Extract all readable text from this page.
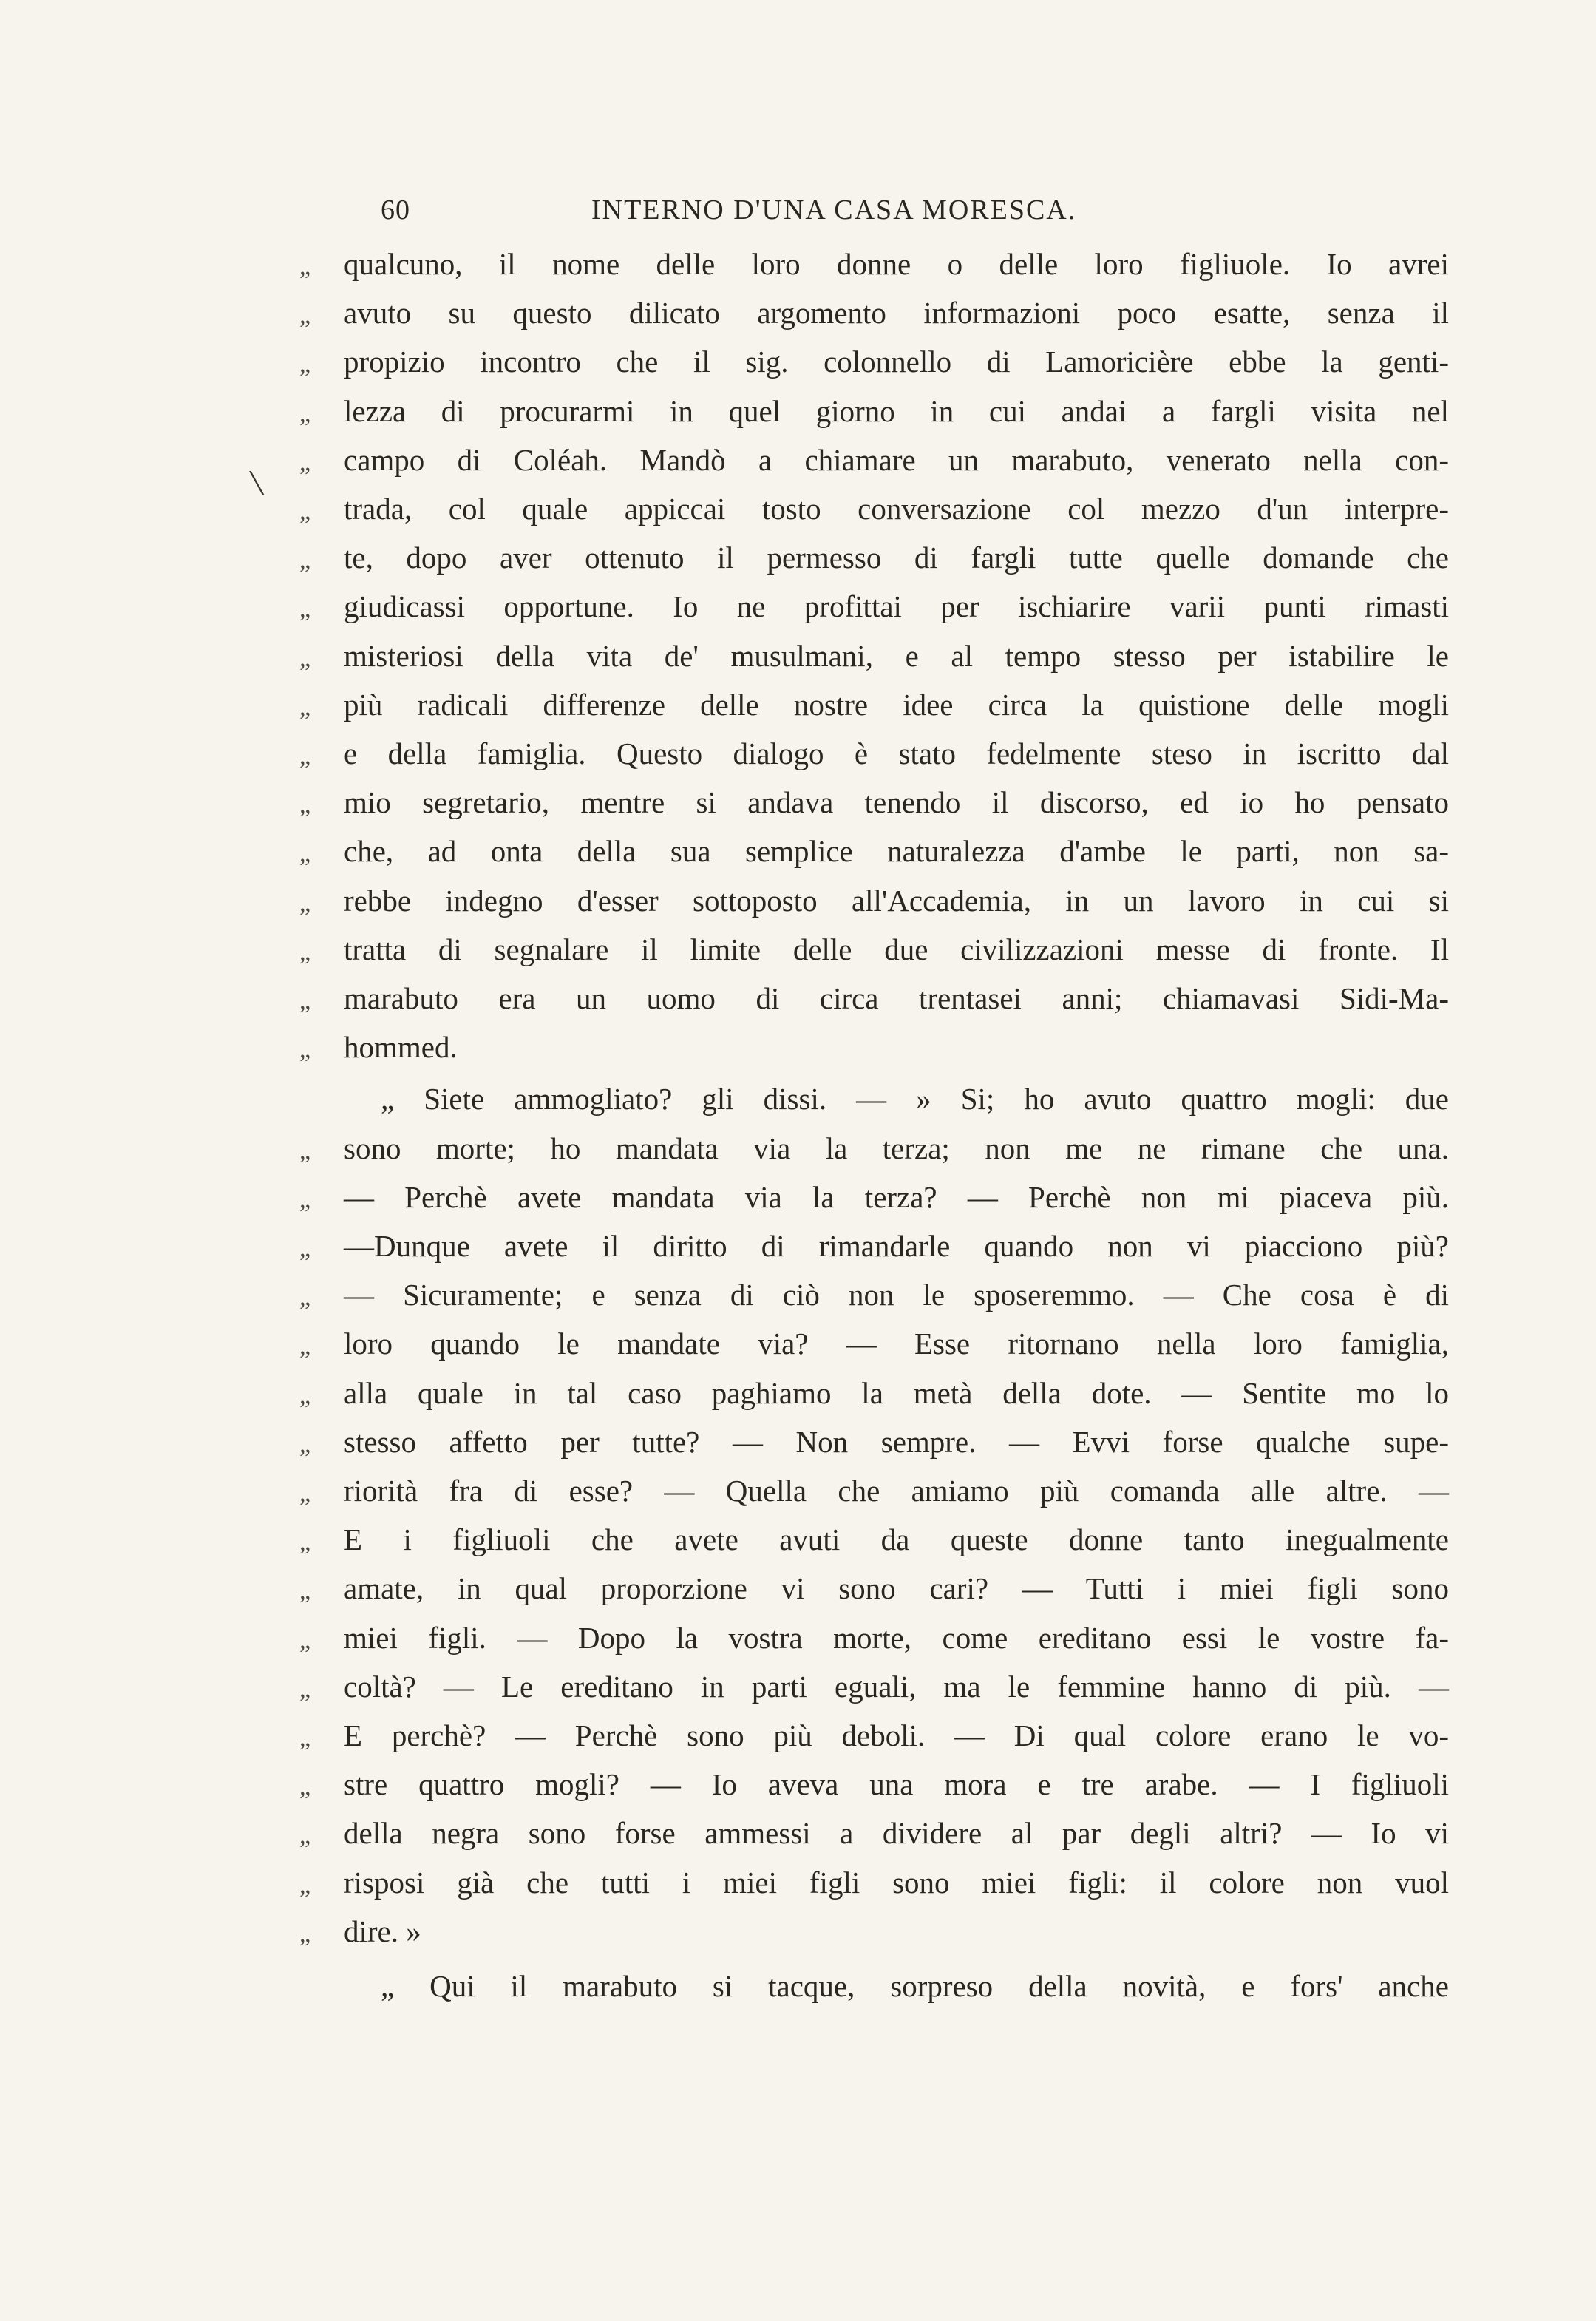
60	INTERNO D'UNA CASA MORESCA.
\
„ qualcuno, il nome delle loro donne o delle loro figliuole. Io avrei
„ avuto su questo dilicato argomento informazioni poco esatte, senza il
„ propizio incontro che il sig. colonnello di Lamoricière ebbe la genti-
„ lezza di procurarmi in quel giorno in cui andai a fargli visita nel
„ campo di Coléah. Mandò a chiamare un marabuto, venerato nella con-
„ trada, col quale appiccai tosto conversazione col mezzo d'un interpre-
„ te, dopo aver ottenuto il permesso di fargli tutte quelle domande che
„ giudicassi opportune. Io ne profittai per ischiarire varii punti rimasti
„ misteriosi della vita de' musulmani, e al tempo stesso per istabilire le
„ più radicali differenze delle nostre idee circa la quistione delle mogli
„ e della famiglia. Questo dialogo è stato fedelmente steso in iscritto dal
„ mio segretario, mentre si andava tenendo il discorso, ed io ho pensato
„ che, ad onta della sua semplice naturalezza d'ambe le parti, non sa-
„ rebbe indegno d'esser sottoposto all'Accademia, in un lavoro in cui si
„ tratta di segnalare il limite delle due civilizzazioni messe di fronte. Il
„ marabuto era un uomo di circa trentasei anni; chiamavasi Sidi-Ma-
„ hommed.
„ Siete ammogliato? gli dissi. — » Si; ho avuto quattro mogli: due
„ sono morte; ho mandata via la terza; non me ne rimane che una.
„ — Perchè avete mandata via la terza? — Perchè non mi piaceva più.
„ —Dunque avete il diritto di rimandarle quando non vi piacciono più?
„ — Sicuramente; e senza di ciò non le sposeremmo. — Che cosa è di
„ loro quando le mandate via? — Esse ritornano nella loro famiglia,
„ alla quale in tal caso paghiamo la metà della dote. — Sentite mo lo
„ stesso affetto per tutte? — Non sempre. — Evvi forse qualche supe-
„ riorità fra di esse? — Quella che amiamo più comanda alle altre. —
„ E i figliuoli che avete avuti da queste donne tanto inegualmente
„ amate, in qual proporzione vi sono cari? — Tutti i miei figli sono
„ miei figli. — Dopo la vostra morte, come ereditano essi le vostre fa-
„ coltà? — Le ereditano in parti eguali, ma le femmine hanno di più. —
„ E perchè? — Perchè sono più deboli. — Di qual colore erano le vo-
„ stre quattro mogli? — Io aveva una mora e tre arabe. — I figliuoli
„ della negra sono forse ammessi a dividere al par degli altri? — Io vi
„ risposi già che tutti i miei figli sono miei figli: il colore non vuol
„ dire. »
„ Qui il marabuto si tacque, sorpreso della novità, e fors' anche
